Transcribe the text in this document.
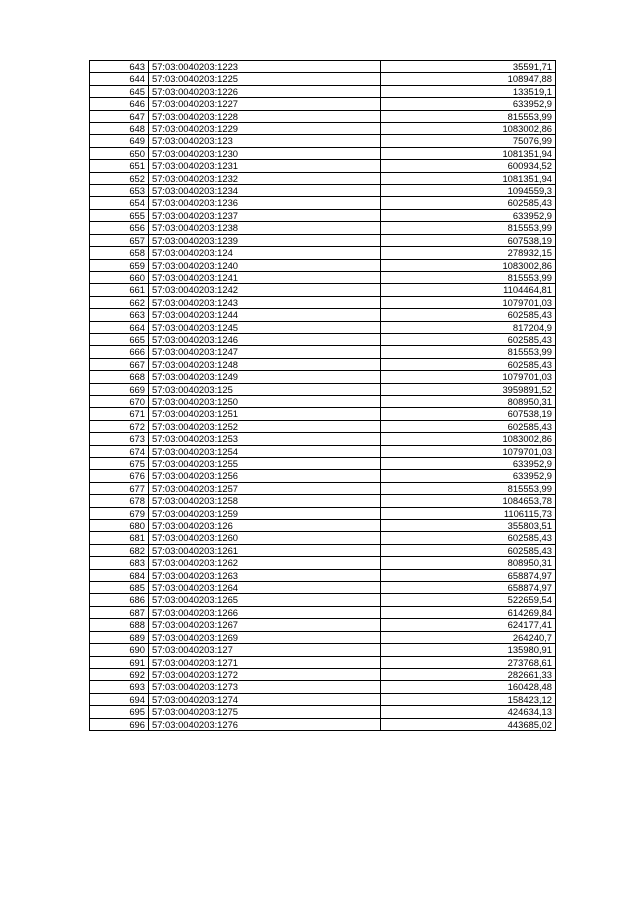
643	57:03:0040203:1223	35591,71
644	57:03:0040203:1225	108947,88
645	57:03:0040203:1226	133519,1
646	57:03:0040203:1227	633952,9
647	57:03:0040203:1228	815553,99
648	57:03:0040203:1229	1083002,86
649	57:03:0040203:123	75076,99
650	57:03:0040203:1230	1081351,94
651	57:03:0040203:1231	600934,52
652	57:03:0040203:1232	1081351,94
653	57:03:0040203:1234	1094559,3
654	57:03:0040203:1236	602585,43
655	57:03:0040203:1237	633952,9
656	57:03:0040203:1238	815553,99
657	57:03:0040203:1239	607538,19
658	57:03:0040203:124	278932,15
659	57:03:0040203:1240	1083002,86
660	57:03:0040203:1241	815553,99
661	57:03:0040203:1242	1104464,81
662	57:03:0040203:1243	1079701,03
663	57:03:0040203:1244	602585,43
664	57:03:0040203:1245	817204,9
665	57:03:0040203:1246	602585,43
666	57:03:0040203:1247	815553,99
667	57:03:0040203:1248	602585,43
668	57:03:0040203:1249	1079701,03
669	57:03:0040203:125	3959891,52
670	57:03:0040203:1250	808950,31
671	57:03:0040203:1251	607538,19
672	57:03:0040203:1252	602585,43
673	57:03:0040203:1253	1083002,86
674	57:03:0040203:1254	1079701,03
675	57:03:0040203:1255	633952,9
676	57:03:0040203:1256	633952,9
677	57:03:0040203:1257	815553,99
678	57:03:0040203:1258	1084653,78
679	57:03:0040203:1259	1106115,73
680	57:03:0040203:126	355803,51
681	57:03:0040203:1260	602585,43
682	57:03:0040203:1261	602585,43
683	57:03:0040203:1262	808950,31
684	57:03:0040203:1263	658874,97
685	57:03:0040203:1264	658874,97
686	57:03:0040203:1265	522659,54
687	57:03:0040203:1266	614269,84
688	57:03:0040203:1267	624177,41
689	57:03:0040203:1269	264240,7
690	57:03:0040203:127	135980,91
691	57:03:0040203:1271	273768,61
692	57:03:0040203:1272	282661,33
693	57:03:0040203:1273	160428,48
694	57:03:0040203:1274	158423,12
695	57:03:0040203:1275	424634,13
696	57:03:0040203:1276	443685,02
